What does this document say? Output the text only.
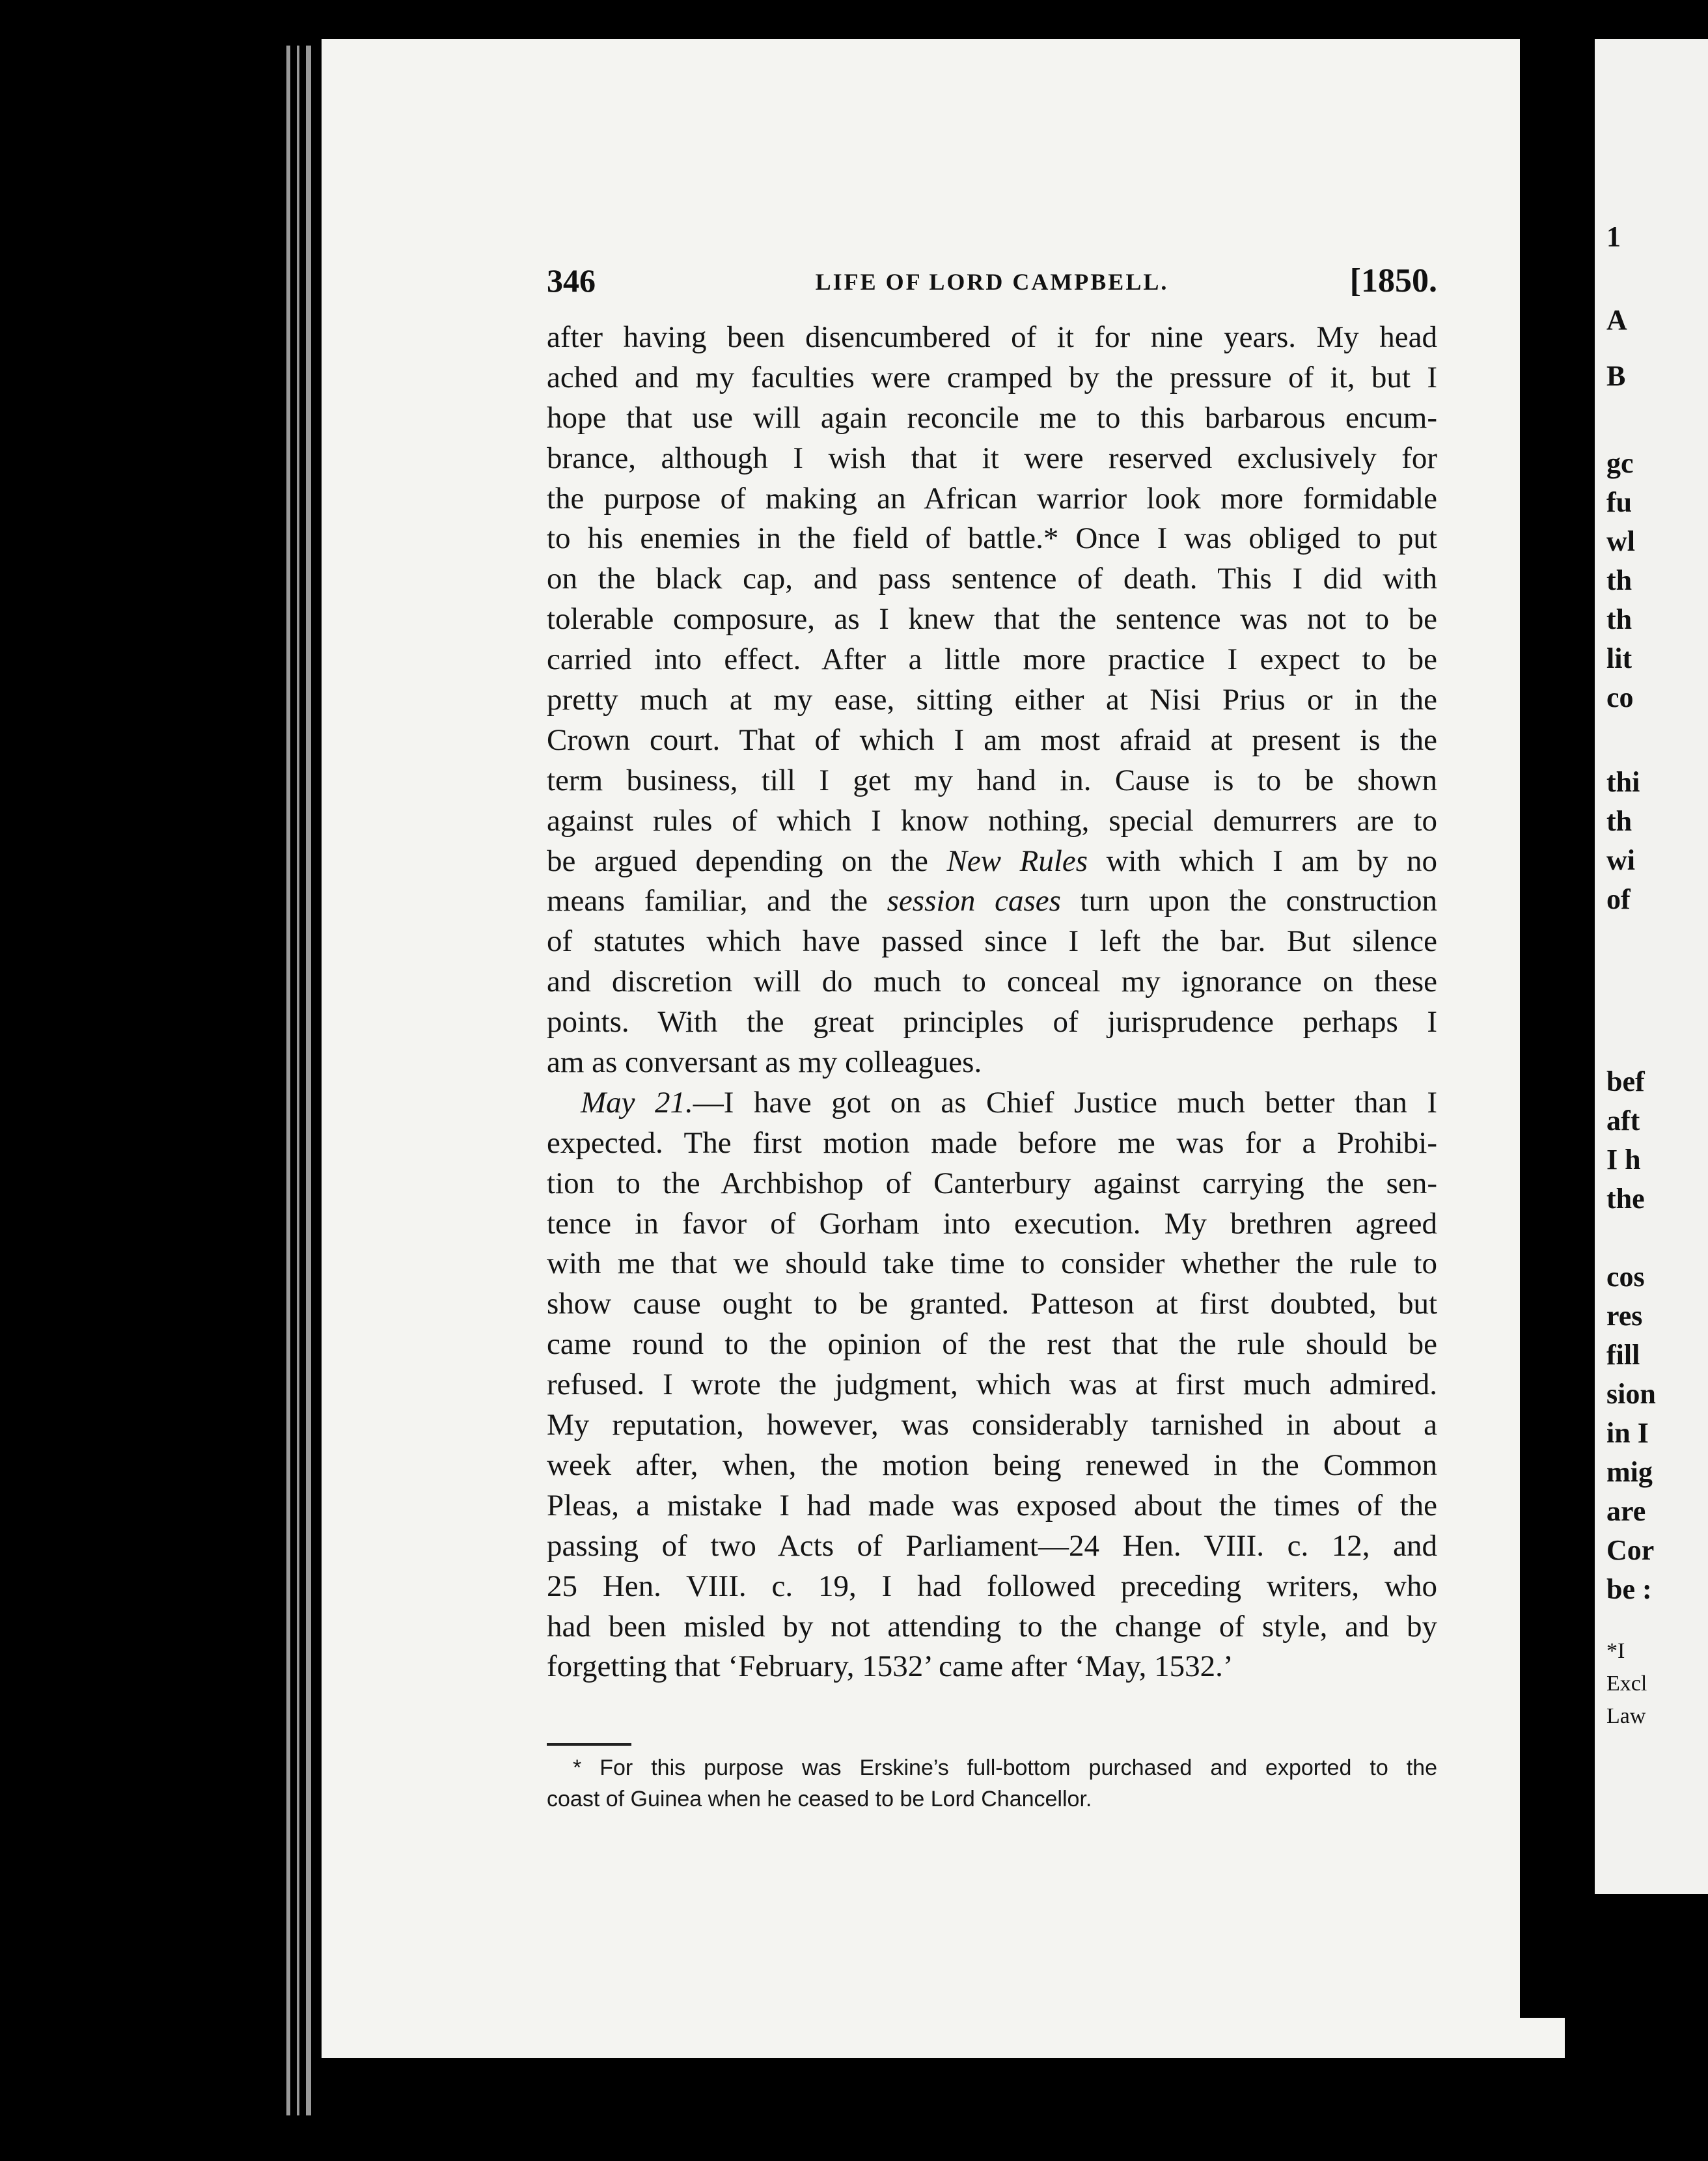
346	LIFE OF LORD CAMPBELL.	[1850.
after having been disencumbered of it for nine years. My head
ached and my faculties were cramped by the pressure of it, but I
hope that use will again reconcile me to this barbarous encum-
brance, although I wish that it were reserved exclusively for
the purpose of making an African warrior look more formidable
to his enemies in the field of battle.* Once I was obliged to put
on the black cap, and pass sentence of death. This I did with
tolerable composure, as I knew that the sentence was not to be
carried into effect. After a little more practice I expect to be
pretty much at my ease, sitting either at Nisi Prius or in the
Crown court. That of which I am most afraid at present is the
term business, till I get my hand in. Cause is to be shown
against rules of which I know nothing, special demurrers are to
be argued depending on the New Rules with which I am by no
means familiar, and the session cases turn upon the construction
of statutes which have passed since I left the bar. But silence
and discretion will do much to conceal my ignorance on these
points. With the great principles of jurisprudence perhaps I
am as conversant as my colleagues.
May 21.—I have got on as Chief Justice much better than I
expected. The first motion made before me was for a Prohibi-
tion to the Archbishop of Canterbury against carrying the sen-
tence in favor of Gorham into execution. My brethren agreed
with me that we should take time to consider whether the rule to
show cause ought to be granted. Patteson at first doubted, but
came round to the opinion of the rest that the rule should be
refused. I wrote the judgment, which was at first much admired.
My reputation, however, was considerably tarnished in about a
week after, when, the motion being renewed in the Common
Pleas, a mistake I had made was exposed about the times of the
passing of two Acts of Parliament—24 Hen. VIII. c. 12, and
25 Hen. VIII. c. 19, I had followed preceding writers, who
had been misled by not attending to the change of style, and by
forgetting that ‘February, 1532’ came after ‘May, 1532.’
* For this purpose was Erskine’s full-bottom purchased and exported to the
coast of Guinea when he ceased to be Lord Chancellor.
1
A
B
gc
fu
wl
th
th
lit
co
thi
th
wi
of
bef
aft
I h
the
cos
res
fill
sion
in I
mig
are
Cor
be :
*I
Excl
Law
